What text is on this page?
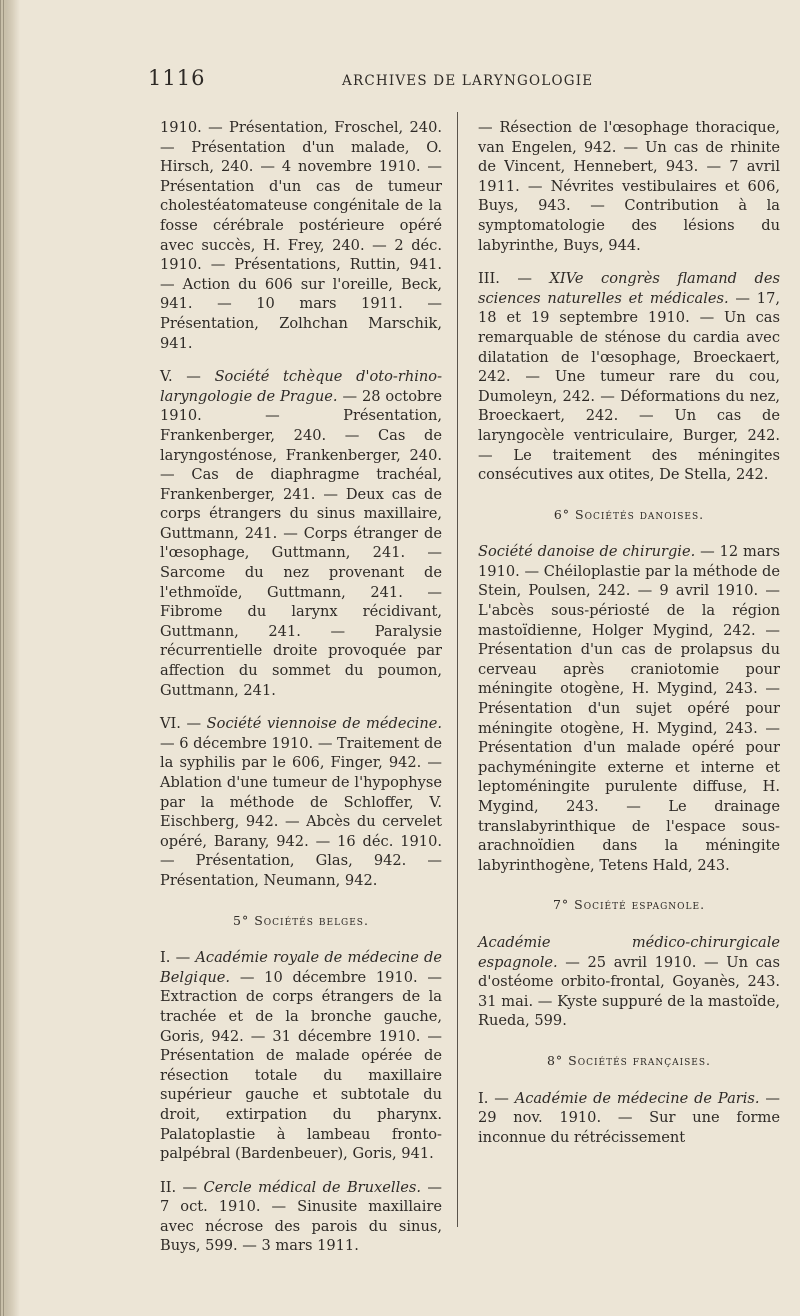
1116	ARCHIVES DE LARYNGOLOGIE

1910. — Présentation, Froschel, 240. — Présentation d'un malade, O. Hirsch, 240. — 4 novembre 1910. — Présentation d'un cas de tumeur cholestéatomateuse congénitale de la fosse cérébrale postérieure opéré avec succès, H. Frey, 240. — 2 déc. 1910. — Présentations, Ruttin, 941. — Action du 606 sur l'oreille, Beck, 941. — 10 mars 1911. — Présentation, Zolhchan Marschik, 941.

V. — Société tchèque d'oto-rhino-laryngologie de Prague. — 28 octobre 1910. — Présentation, Frankenberger, 240. — Cas de laryngosténose, Frankenberger, 240. — Cas de diaphragme trachéal, Frankenberger, 241. — Deux cas de corps étrangers du sinus maxillaire, Guttmann, 241. — Corps étranger de l'œsophage, Guttmann, 241. — Sarcome du nez provenant de l'ethmoïde, Guttmann, 241. — Fibrome du larynx récidivant, Guttmann, 241. — Paralysie récurrentielle droite provoquée par affection du sommet du poumon, Guttmann, 241.

VI. — Société viennoise de médecine. — 6 décembre 1910. — Traitement de la syphilis par le 606, Finger, 942. — Ablation d'une tumeur de l'hypophyse par la méthode de Schloffer, V. Eischberg, 942. — Abcès du cervelet opéré, Barany, 942. — 16 déc. 1910. — Présentation, Glas, 942. — Présentation, Neumann, 942.

5° Sociétés belges.

I. — Académie royale de médecine de Belgique. — 10 décembre 1910. — Extraction de corps étrangers de la trachée et de la bronche gauche, Goris, 942. — 31 décembre 1910. — Présentation de malade opérée de résection totale du maxillaire supérieur gauche et subtotale du droit, extirpation du pharynx. Palatoplastie à lambeau fronto-palpébral (Bardenbeuer), Goris, 941.

II. — Cercle médical de Bruxelles. — 7 oct. 1910. — Sinusite maxillaire avec nécrose des parois du sinus, Buys, 599. — 3 mars 1911.

— Résection de l'œsophage thoracique, van Engelen, 942. — Un cas de rhinite de Vincent, Hennebert, 943. — 7 avril 1911. — Névrites vestibulaires et 606, Buys, 943. — Contribution à la symptomatologie des lésions du labyrinthe, Buys, 944.

III. — XIVe congrès flamand des sciences naturelles et médicales. — 17, 18 et 19 septembre 1910. — Un cas remarquable de sténose du cardia avec dilatation de l'œsophage, Broeckaert, 242. — Une tumeur rare du cou, Dumoleyn, 242. — Déformations du nez, Broeckaert, 242. — Un cas de laryngocèle ventriculaire, Burger, 242. — Le traitement des méningites consécutives aux otites, De Stella, 242.

6° Sociétés danoises.

Société danoise de chirurgie. — 12 mars 1910. — Chéiloplastie par la méthode de Stein, Poulsen, 242. — 9 avril 1910. — L'abcès sous-périosté de la région mastoïdienne, Holger Mygind, 242. — Présentation d'un cas de prolapsus du cerveau après craniotomie pour méningite otogène, H. Mygind, 243. — Présentation d'un sujet opéré pour méningite otogène, H. Mygind, 243. — Présentation d'un malade opéré pour pachyméningite externe et interne et leptoméningite purulente diffuse, H. Mygind, 243. — Le drainage translabyrinthique de l'espace sous-arachnoïdien dans la méningite labyrinthogène, Tetens Hald, 243.

7° Société espagnole.

Académie médico-chirurgicale espagnole. — 25 avril 1910. — Un cas d'ostéome orbito-frontal, Goyanès, 243. 31 mai. — Kyste suppuré de la mastoïde, Rueda, 599.

8° Sociétés françaises.

I. — Académie de médecine de Paris. — 29 nov. 1910. — Sur une forme inconnue du rétrécissement
